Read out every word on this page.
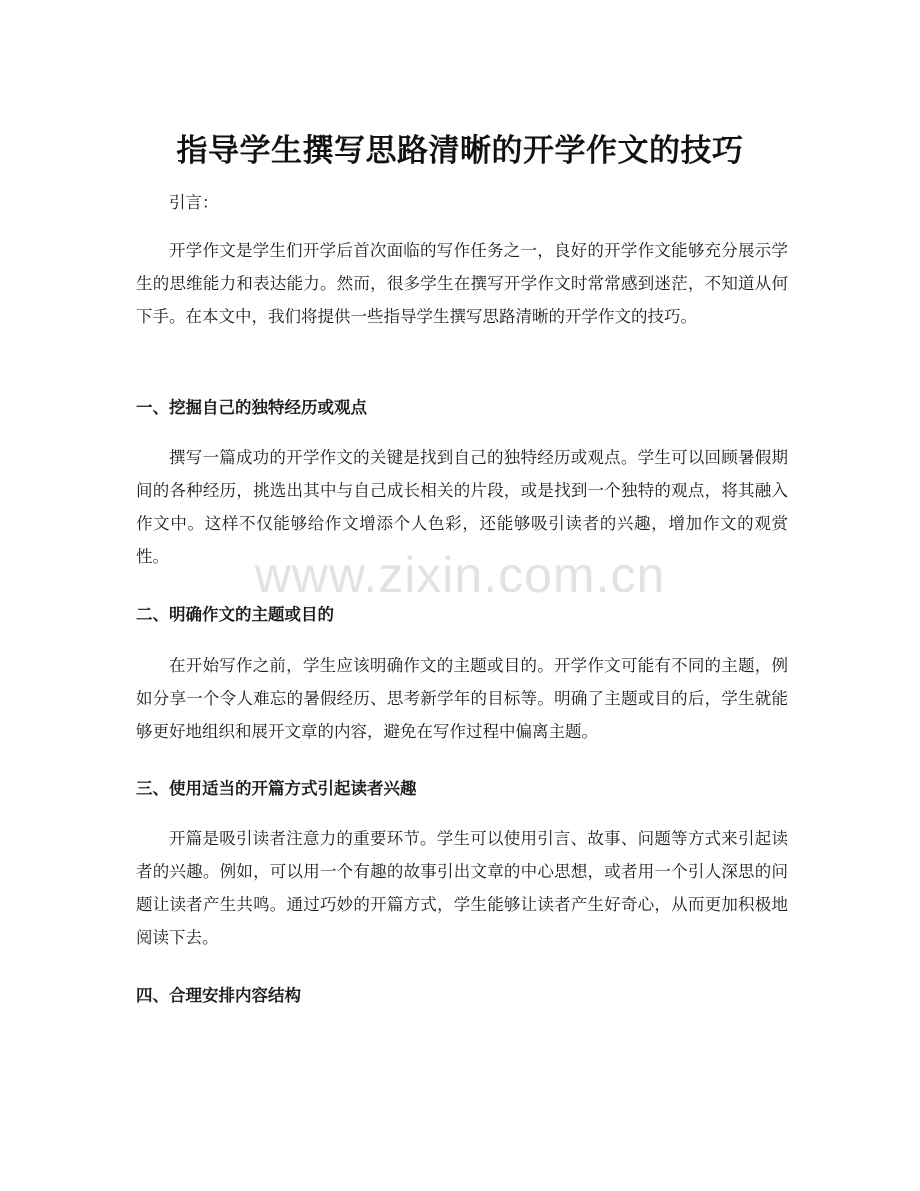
指导学生撰写思路清晰的开学作文的技巧

引言：

开学作文是学生们开学后首次面临的写作任务之一，良好的开学作文能够充分展示学生的思维能力和表达能力。然而，很多学生在撰写开学作文时常常感到迷茫，不知道从何下手。在本文中，我们将提供一些指导学生撰写思路清晰的开学作文的技巧。

一、挖掘自己的独特经历或观点

撰写一篇成功的开学作文的关键是找到自己的独特经历或观点。学生可以回顾暑假期间的各种经历，挑选出其中与自己成长相关的片段，或是找到一个独特的观点，将其融入作文中。这样不仅能够给作文增添个人色彩，还能够吸引读者的兴趣，增加作文的观赏性。

二、明确作文的主题或目的

在开始写作之前，学生应该明确作文的主题或目的。开学作文可能有不同的主题，例如分享一个令人难忘的暑假经历、思考新学年的目标等。明确了主题或目的后，学生就能够更好地组织和展开文章的内容，避免在写作过程中偏离主题。

三、使用适当的开篇方式引起读者兴趣

开篇是吸引读者注意力的重要环节。学生可以使用引言、故事、问题等方式来引起读者的兴趣。例如，可以用一个有趣的故事引出文章的中心思想，或者用一个引人深思的问题让读者产生共鸣。通过巧妙的开篇方式，学生能够让读者产生好奇心，从而更加积极地阅读下去。

四、合理安排内容结构
www.zixin.com.cn
